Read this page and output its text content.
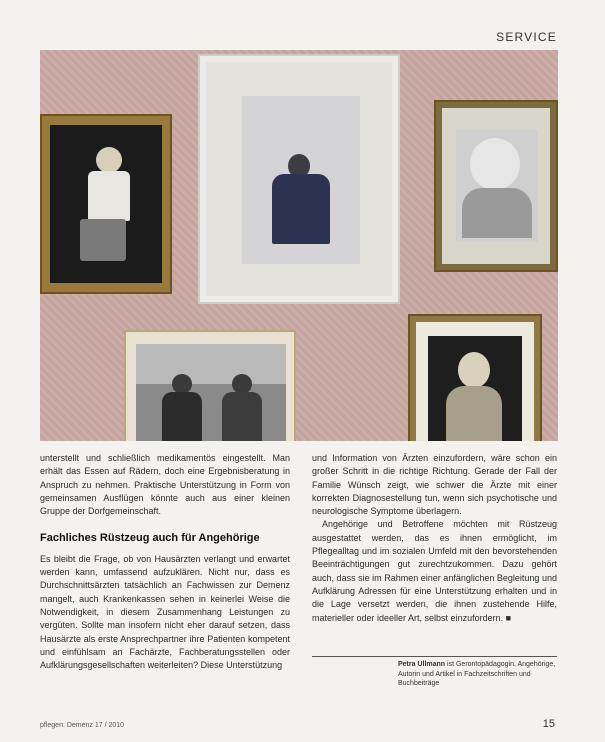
SERVICE

unterstellt und schließlich medikamentös eingestellt. Man erhält das Essen auf Rädern, doch eine Ergebnisberatung in Anspruch zu nehmen. Praktische Unterstützung in Form von gemeinsamen Ausflügen könnte auch aus einer kleinen Gruppe der Dorfgemeinschaft.

Fachliches Rüstzeug auch für Angehörige

Es bleibt die Frage, ob von Hausärzten verlangt und erwartet werden kann, umfassend aufzuklären. Nicht nur, dass es Durchschnittsärzten tatsächlich an Fachwissen zur Demenz mangelt, auch Krankenkassen sehen in keinerlei Weise die Notwendigkeit, in diesem Zusammenhang Leistungen zu vergüten. Sollte man insofern nicht eher darauf setzen, dass Hausärzte als erste Ansprechpartner ihre Patienten kompetent und einfühlsam an Fachärzte, Fachberatungsstellen oder Aufklärungsgesellschaften weiterleiten? Diese Unterstützung

und Information von Ärzten einzufordern, wäre schon ein großer Schritt in die richtige Richtung. Gerade der Fall der Familie Wünsch zeigt, wie schwer die Ärzte mit einer korrekten Diagnosestellung tun, wenn sich psychotische und neurologische Symptome überlagern.

Angehörige und Betroffene möchten mit Rüstzeug ausgestattet werden, das es ihnen ermöglicht, im Pflegealltag und im sozialen Umfeld mit den bevorstehenden Beeinträchtigungen gut zurechtzukommen. Dazu gehört auch, dass sie im Rahmen einer anfänglichen Begleitung und Aufklärung Adressen für eine Unterstützung erhalten und in die Lage versetzt werden, die ihnen zustehende Hilfe, materieller oder ideeller Art, selbst einzufordern. ■

Petra Ullmann ist Gerontopädagogin, Angehörige, Autorin und Artikel in Fachzeitschriften und Buchbeiträge
pflegen: Demenz 17 / 2010	15
